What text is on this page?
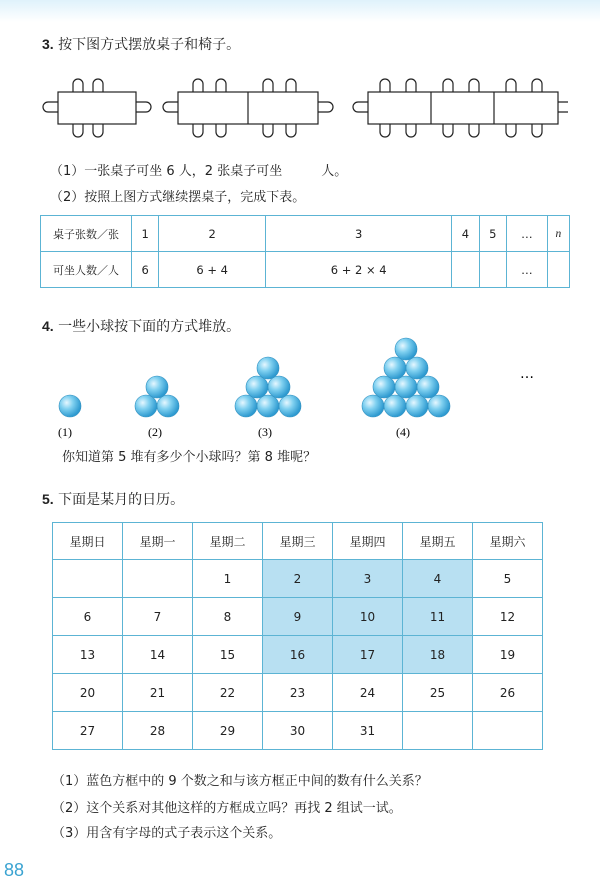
3. 按下图方式摆放桌子和椅子。
（1）一张桌子可坐 6 人，2 张桌子可坐　　　人。
（2）按照上图方式继续摆桌子，完成下表。
桌子张数／张	1	2	3	4	5	…	n
可坐人数／人	6	6 + 4	6 + 2 × 4			…	
4. 一些小球按下面的方式堆放。
(1)	(2)	(3)	(4)
…
你知道第 5 堆有多少个小球吗？第 8 堆呢？
5. 下面是某月的日历。
星期日	星期一	星期二	星期三	星期四	星期五	星期六
		1	2	3	4	5
6	7	8	9	10	11	12
13	14	15	16	17	18	19
20	21	22	23	24	25	26
27	28	29	30	31		
（1）蓝色方框中的 9 个数之和与该方框正中间的数有什么关系？
（2）这个关系对其他这样的方框成立吗？再找 2 组试一试。
（3）用含有字母的式子表示这个关系。
88
